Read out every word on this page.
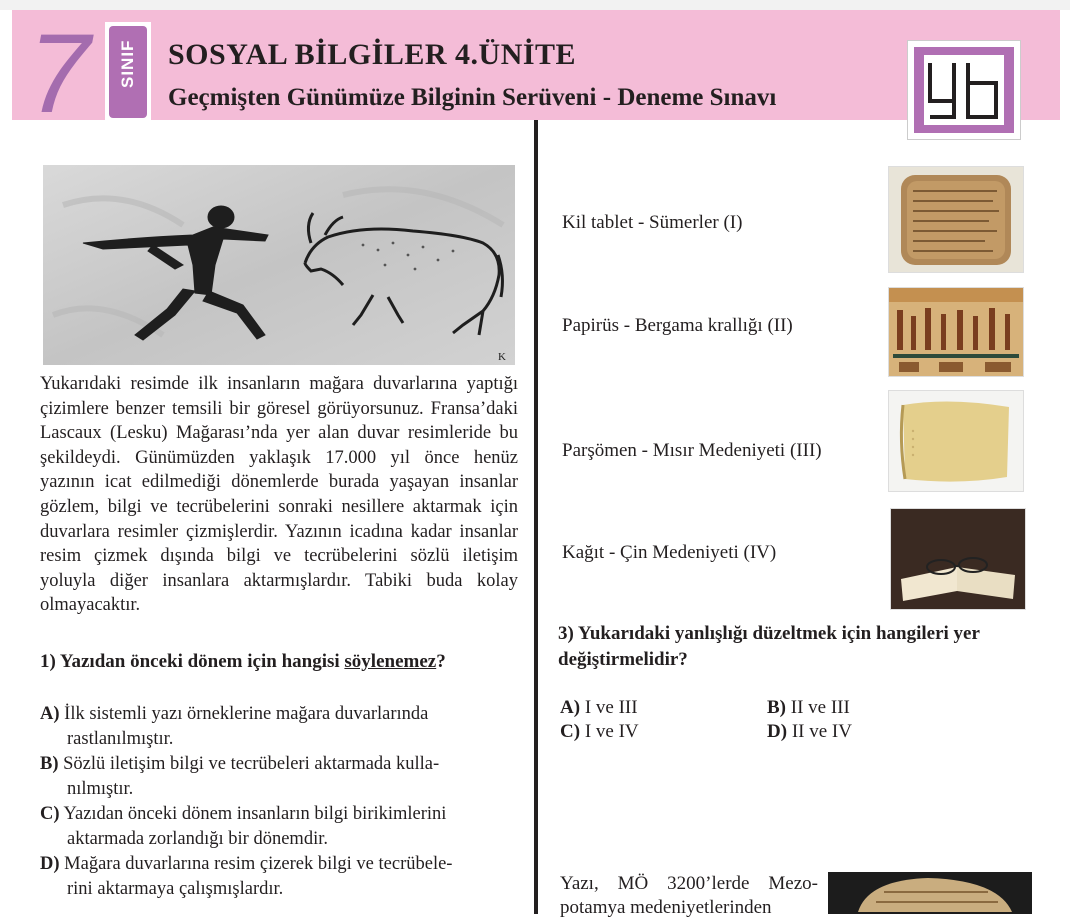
7 SINIF SOSYAL BİLGİLER 4.ÜNİTE
Geçmişten Günümüze Bilginin Serüveni - Deneme Sınavı
K
Yukarıdaki resimde ilk insanların mağara duvarlarına yaptığı çizimlere benzer temsili bir göresel görüyorsunuz. Fransa’daki Lascaux (Lesku) Mağarası’nda yer alan duvar resimleride bu şekildeydi. Günümüzden yaklaşık 17.000 yıl önce henüz yazının icat edilmediği dönemlerde burada yaşayan insanlar gözlem, bilgi ve tecrübelerini sonraki nesillere aktarmak için duvarlara resimler çizmişlerdir. Yazının icadına kadar insanlar resim çizmek dışında bilgi ve tecrübelerini sözlü iletişim yoluyla diğer insanlara aktarmışlardır. Tabiki buda kolay olmayacaktır.
1) Yazıdan önceki dönem için hangisi söylenemez?
A) İlk sistemli yazı örneklerine mağara duvarlarında
rastlanılmıştır.
B) Sözlü iletişim bilgi ve tecrübeleri aktarmada kulla-
nılmıştır.
C) Yazıdan önceki dönem insanların bilgi birikimlerini
aktarmada zorlandığı bir dönemdir.
D) Mağara duvarlarına resim çizerek bilgi ve tecrübele-
rini aktarmaya çalışmışlardır.
Kil tablet - Sümerler (I)
Papirüs - Bergama krallığı (II)
Parşömen - Mısır Medeniyeti (III)
Kağıt - Çin Medeniyeti (IV)
3) Yukarıdaki yanlışlığı düzeltmek için hangileri yer değiştirmelidir?
A) I ve III	B) II ve III
C) I ve IV	D) II ve IV
Yazı, MÖ 3200’lerde Mezo- potamya medeniyetlerinden
